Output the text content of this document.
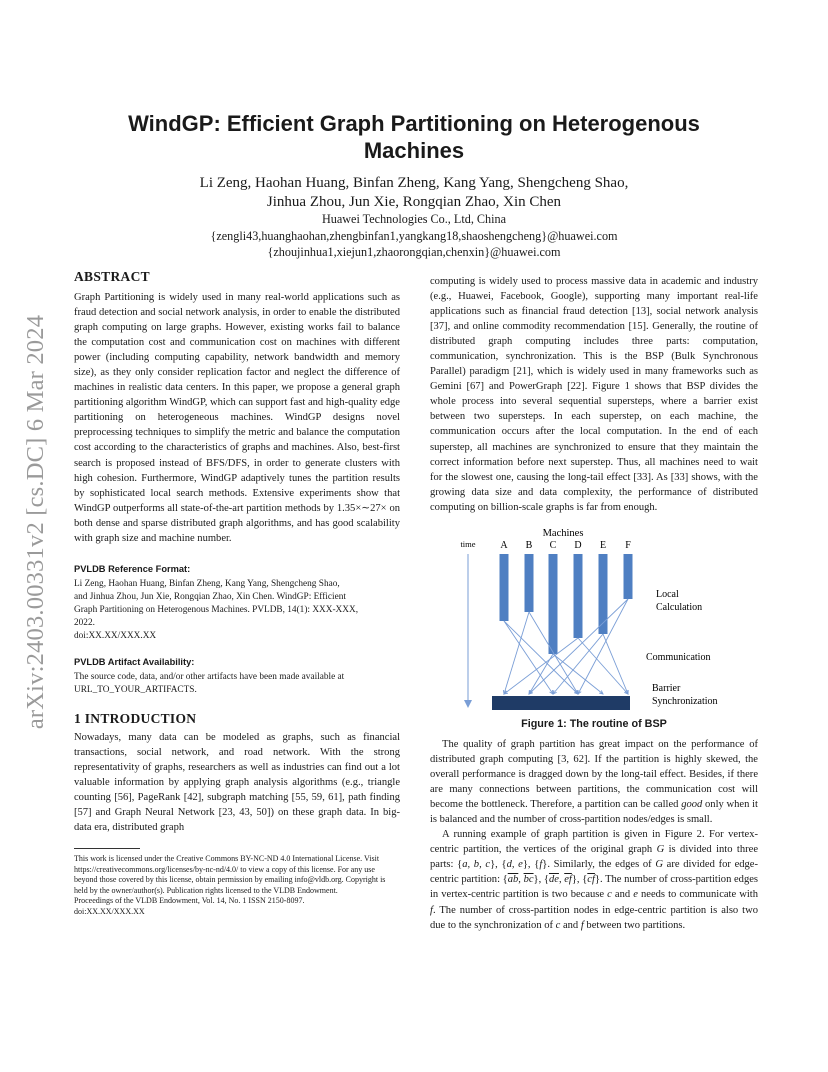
arXiv:2403.00331v2 [cs.DC] 6 Mar 2024
WindGP: Efficient Graph Partitioning on Heterogenous Machines
Li Zeng, Haohan Huang, Binfan Zheng, Kang Yang, Shengcheng Shao,
Jinhua Zhou, Jun Xie, Rongqian Zhao, Xin Chen
Huawei Technologies Co., Ltd, China
{zengli43,huanghaohan,zhengbinfan1,yangkang18,shaoshengcheng}@huawei.com
{zhoujinhua1,xiejun1,zhaorongqian,chenxin}@huawei.com
ABSTRACT

Graph Partitioning is widely used in many real-world applications such as fraud detection and social network analysis, in order to enable the distributed graph computing on large graphs. However, existing works fail to balance the computation cost and communication cost on machines with different power (including computing capability, network bandwidth and memory size), as they only consider replication factor and neglect the difference of machines in realistic data centers. In this paper, we propose a general graph partitioning algorithm WindGP, which can support fast and high-quality edge partitioning on heterogeneous machines. WindGP designs novel preprocessing techniques to simplify the metric and balance the computation cost according to the characteristics of graphs and machines. Also, best-first search is proposed instead of BFS/DFS, in order to generate clusters with high cohesion. Furthermore, WindGP adaptively tunes the partition results by sophisticated local search methods. Extensive experiments show that WindGP outperforms all state-of-the-art partition methods by 1.35×∼27× on both dense and sparse distributed graph algorithms, and has good scalability with graph size and machine number.

PVLDB Reference Format:

Li Zeng, Haohan Huang, Binfan Zheng, Kang Yang, Shengcheng Shao,

and Jinhua Zhou, Jun Xie, Rongqian Zhao, Xin Chen. WindGP: Efficient

Graph Partitioning on Heterogenous Machines. PVLDB, 14(1): XXX-XXX,

2022.

doi:XX.XX/XXX.XX

PVLDB Artifact Availability:

The source code, data, and/or other artifacts have been made available at

URL_TO_YOUR_ARTIFACTS.

1 INTRODUCTION

Nowadays, many data can be modeled as graphs, such as financial transactions, social network, and road network. With the strong representativity of graphs, researchers as well as industries can find out a lot valuable information by applying graph analysis algorithms (e.g., triangle counting [56], PageRank [42], subgraph matching [55, 59, 61], path finding [57] and Graph Neural Network [23, 43, 50]) on these graph data. In big-data era, distributed graph

This work is licensed under the Creative Commons BY-NC-ND 4.0 International License. Visit https://creativecommons.org/licenses/by-nc-nd/4.0/ to view a copy of this license. For any use beyond those covered by this license, obtain permission by emailing info@vldb.org. Copyright is held by the owner/author(s). Publication rights licensed to the VLDB Endowment.

Proceedings of the VLDB Endowment, Vol. 14, No. 1 ISSN 2150-8097.

doi:XX.XX/XXX.XX

computing is widely used to process massive data in academic and industry (e.g., Huawei, Facebook, Google), supporting many important real-life applications such as financial fraud detection [13], social network analysis [37], and online commodity recommendation [15]. Generally, the routine of distributed graph computing includes three parts: computation, communication, synchronization. This is the BSP (Bulk Synchronous Parallel) paradigm [21], which is widely used in many frameworks such as Gemini [67] and PowerGraph [22]. Figure 1 shows that BSP divides the whole process into several sequential supersteps, where a barrier exist between two supersteps. In each superstep, on each machine, the communication occurs after the local computation. In the end of each superstep, all machines are synchronized to ensure that they maintain the correct information before next superstep. Thus, all machines need to wait for the slowest one, causing the long-tail effect [33]. As [33] shows, with the growing data size and data complexity, the performance of distributed computing on billion-scale graphs is far from enough.

Machines
time A B C D E F
Local
Calculation
Communication
Barrier
Synchronization
Figure 1: The routine of BSP

The quality of graph partition has great impact on the performance of distributed graph computing [3, 62]. If the partition is highly skewed, the overall performance is dragged down by the long-tail effect. Besides, if there are many connections between partitions, the communication cost will become the bottleneck. Therefore, a partition can be called good only when it is balanced and the number of cross-partition nodes/edges is small.

A running example of graph partition is given in Figure 2. For vertex-centric partition, the vertices of the original graph G is divided into three parts: {a, b, c}, {d, e}, {f}. Similarly, the edges of G are divided for edge-centric partition: {$\overline{ab}$, $\overline{bc}$}, {$\overline{de}$, $\overline{ef}$}, $\{\overline{cf}\}$. The number of cross-partition edges in vertex-centric partition is two because c and e needs to communicate with f. The number of cross-partition nodes in edge-centric partition is also two due to the synchronization of c and f between two partitions.
